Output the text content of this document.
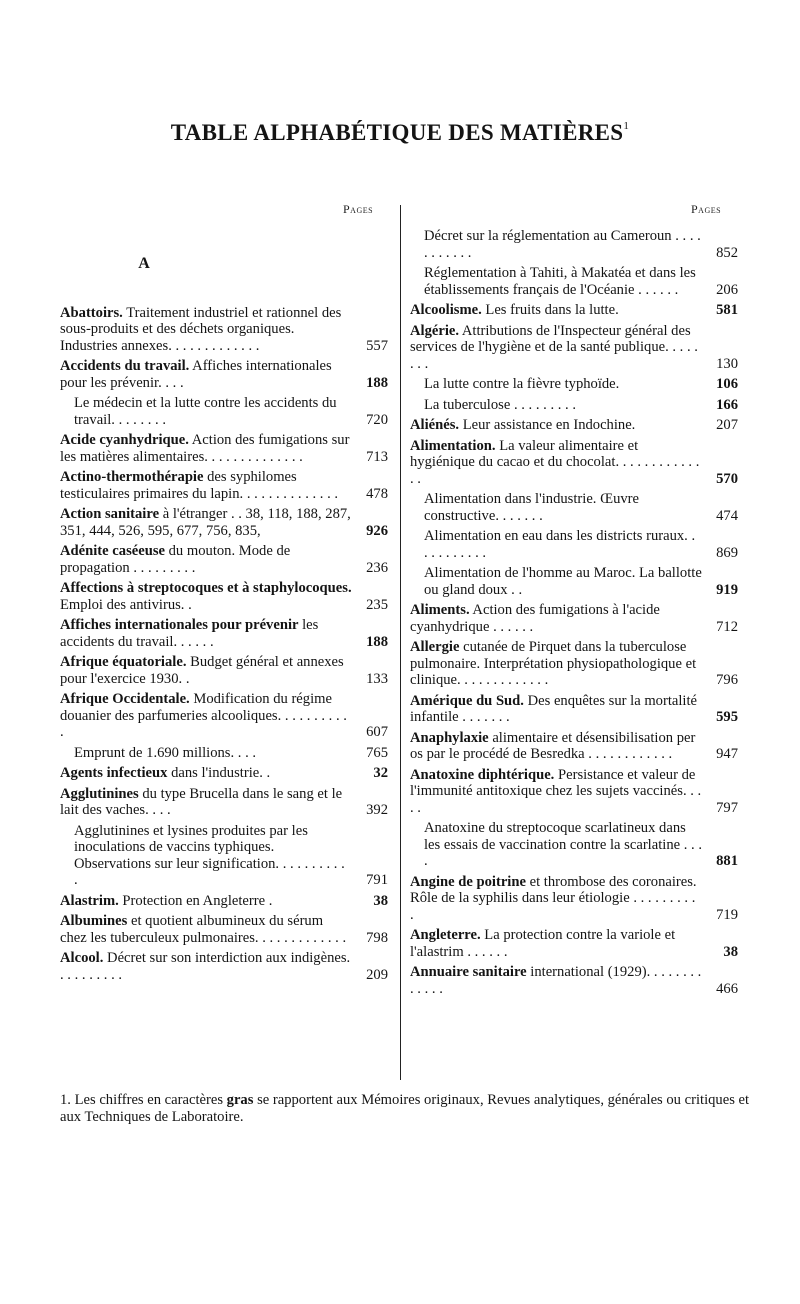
TABLE ALPHABÉTIQUE DES MATIÈRES$^1$
Pages	Pages
A
Abattoirs. Traitement industriel et rationnel des sous-produits et des déchets organiques. Industries annexes. . . . . . . . . . . . .	557
Accidents du travail. Affiches internationales pour les prévenir. . . .	188
Le médecin et la lutte contre les accidents du travail. . . . . . . .	720
Acide cyanhydrique. Action des fumigations sur les matières alimentaires. . . . . . . . . . . . . .	713
Actino-thermothérapie des syphilomes testiculaires primaires du lapin. . . . . . . . . . . . . .	478
Action sanitaire à l'étranger . . 38, 118, 188, 287, 351, 444, 526, 595, 677, 756, 835,	926
Adénite caséeuse du mouton. Mode de propagation . . . . . . . . .	236
Affections à streptocoques et à staphylocoques. Emploi des antivirus. .	235
Affiches internationales pour prévenir les accidents du travail. . . . . .	188
Afrique équatoriale. Budget général et annexes pour l'exercice 1930. .	133
Afrique Occidentale. Modification du régime douanier des parfumeries alcooliques. . . . . . . . . . .	607
Emprunt de 1.690 millions. . . .	765
Agents infectieux dans l'industrie. .	32
Agglutinines du type Brucella dans le sang et le lait des vaches. . . .	392
Agglutinines et lysines produites par les inoculations de vaccins typhiques. Observations sur leur signification. . . . . . . . . . .	791
Alastrim. Protection en Angleterre .	38
Albumines et quotient albumineux du sérum chez les tuberculeux pulmonaires. . . . . . . . . . . . .	798
Alcool. Décret sur son interdiction aux indigènes. . . . . . . . . .	209
Décret sur la réglementation au Cameroun . . . . . . . . . . .	852
Réglementation à Tahiti, à Makatéa et dans les établissements français de l'Océanie . . . . . .	206
Alcoolisme. Les fruits dans la lutte.	581
Algérie. Attributions de l'Inspecteur général des services de l'hygiène et de la santé publique. . . . . . . .	130
La lutte contre la fièvre typhoïde.	106
La tuberculose . . . . . . . . .	166
Aliénés. Leur assistance en Indochine.	207
Alimentation. La valeur alimentaire et hygiénique du cacao et du chocolat. . . . . . . . . . . . . .	570
Alimentation dans l'industrie. Œuvre constructive. . . . . . .	474
Alimentation en eau dans les districts ruraux. . . . . . . . . . .	869
Alimentation de l'homme au Maroc. La ballotte ou gland doux . .	919
Aliments. Action des fumigations à l'acide cyanhydrique . . . . . .	712
Allergie cutanée de Pirquet dans la tuberculose pulmonaire. Interprétation physiopathologique et clinique. . . . . . . . . . . . .	796
Amérique du Sud. Des enquêtes sur la mortalité infantile . . . . . . .	595
Anaphylaxie alimentaire et désensibilisation per os par le procédé de Besredka . . . . . . . . . . . .	947
Anatoxine diphtérique. Persistance et valeur de l'immunité antitoxique chez les sujets vaccinés. . . . .	797
Anatoxine du streptocoque scarlatineux dans les essais de vaccination contre la scarlatine . . . .	881
Angine de poitrine et thrombose des coronaires. Rôle de la syphilis dans leur étiologie . . . . . . . . . .	719
Angleterre. La protection contre la variole et l'alastrim . . . . . .	38
Annuaire sanitaire international (1929). . . . . . . . . . . . .	466
1. Les chiffres en caractères gras se rapportent aux Mémoires originaux, Revues analytiques, générales ou critiques et aux Techniques de Laboratoire.
